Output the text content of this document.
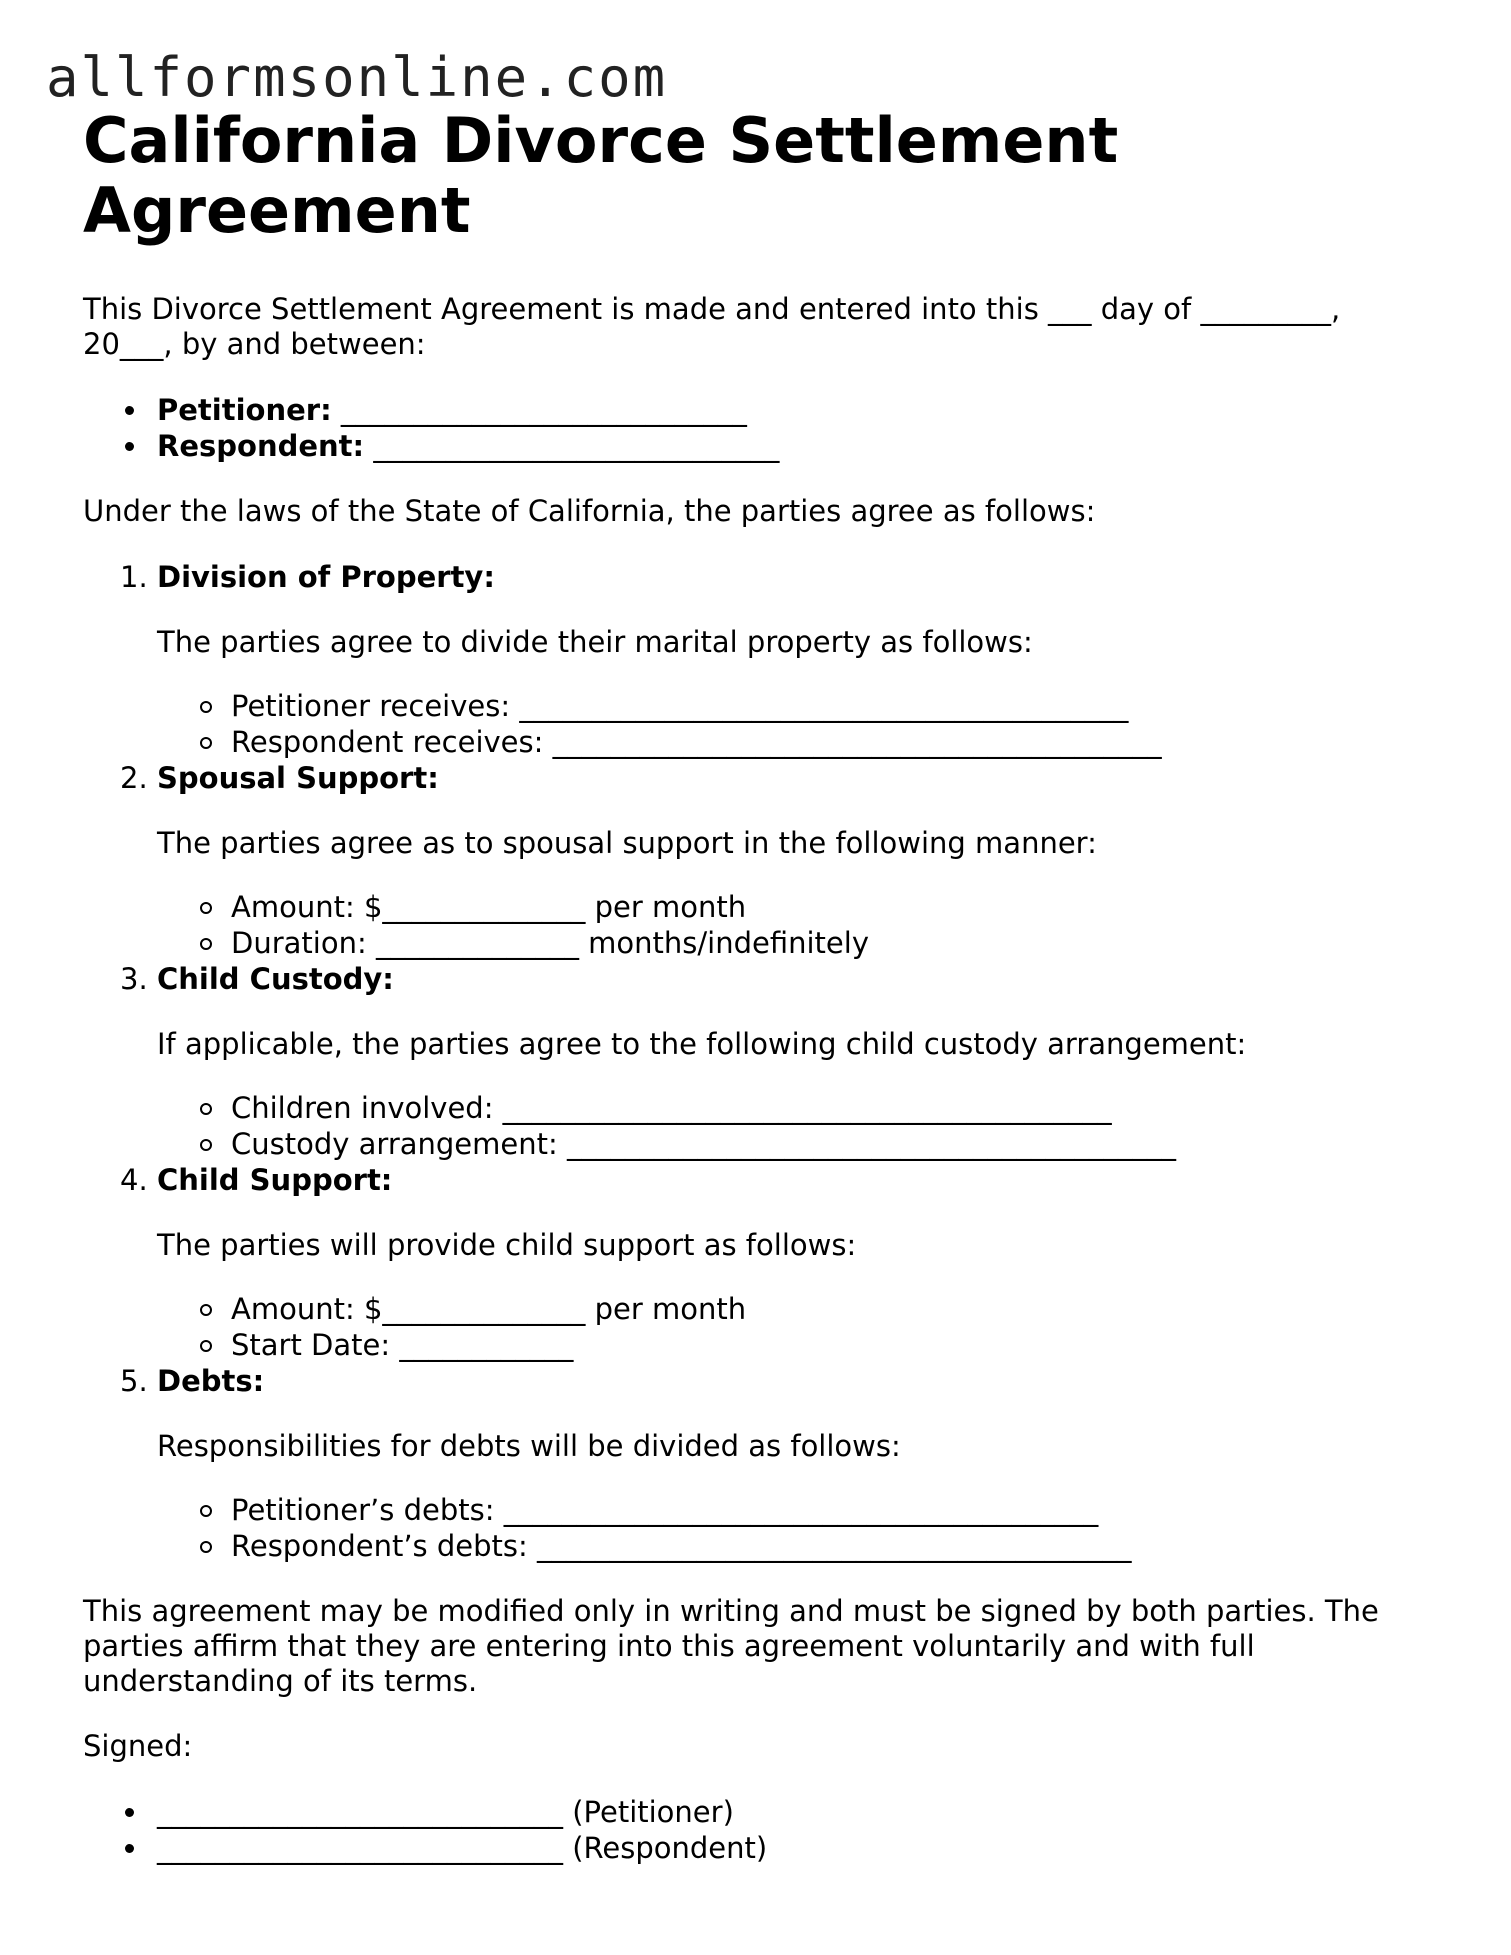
allformsonline.com
California Divorce Settlement Agreement

This Divorce Settlement Agreement is made and entered into this ___ day of _________, 20___, by and between:

Petitioner: ____________________________
Respondent: ____________________________

Under the laws of the State of California, the parties agree as follows:

1. Division of Property:

The parties agree to divide their marital property as follows:

Petitioner receives: __________________________________________
Respondent receives: __________________________________________
2. Spousal Support:

The parties agree as to spousal support in the following manner:

Amount: $______________ per month
Duration: ______________ months/indefinitely
3. Child Custody:

If applicable, the parties agree to the following child custody arrangement:

Children involved: __________________________________________
Custody arrangement: __________________________________________
4. Child Support:

The parties will provide child support as follows:

Amount: $______________ per month
Start Date: ____________
5. Debts:

Responsibilities for debts will be divided as follows:

Petitioner’s debts: _________________________________________
Respondent’s debts: _________________________________________

This agreement may be modified only in writing and must be signed by both parties. The parties affirm that they are entering into this agreement voluntarily and with full understanding of its terms.

Signed:

____________________________ (Petitioner)
____________________________ (Respondent)
